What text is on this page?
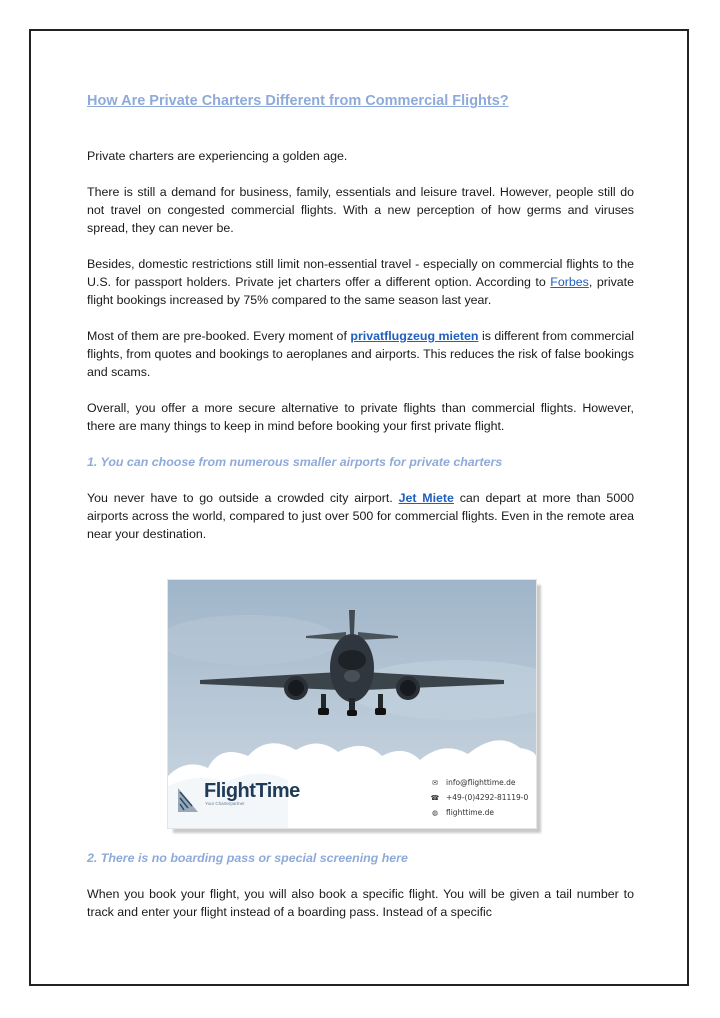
How Are Private Charters Different from Commercial Flights?

Private charters are experiencing a golden age.

There is still a demand for business, family, essentials and leisure travel. However, people still do not travel on congested commercial flights. With a new perception of how germs and viruses spread, they can never be.

Besides, domestic restrictions still limit non-essential travel - especially on commercial flights to the U.S. for passport holders. Private jet charters offer a different option. According to Forbes, private flight bookings increased by 75% compared to the same season last year.

Most of them are pre-booked. Every moment of privatflugzeug mieten is different from commercial flights, from quotes and bookings to aeroplanes and airports. This reduces the risk of false bookings and scams.

Overall, you offer a more secure alternative to private flights than commercial flights. However, there are many things to keep in mind before booking your first private flight.

1. You can choose from numerous smaller airports for private charters

You never have to go outside a crowded city airport. Jet Miete can depart at more than 5000 airports across the world, compared to just over 500 for commercial flights. Even in the remote area near your destination.

FlightTime
Your Charterpartner
✉ info@flighttime.de
☎ +49-(0)4292-81119-0
◍ flighttime.de
2. There is no boarding pass or special screening here

When you book your flight, you will also book a specific flight. You will be given a tail number to track and enter your flight instead of a boarding pass. Instead of a specific
